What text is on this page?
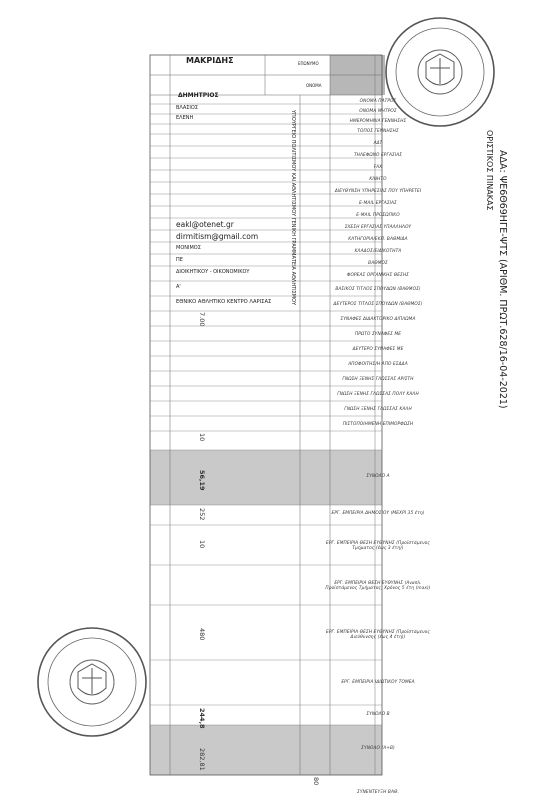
ΕΠΩΝΥΜΟ
ΜΑΚΡΙΔΗΣ
ΟΝΟΜΑ
ΔΗΜΗΤΡΙΟΣ
ΒΛΑΣΙΟΣ
ΕΛΕΝΗ
eakl@otenet.gr
dirmitism@gmail.com
ΜΟΝΙΜΟΣ
ΠΕ
ΔΙΟΙΚΗΤΙΚΟΥ - ΟΙΚΟΝΟΜΙΚΟΥ
Α'
ΕΘΝΙΚΟ ΑΘΛΗΤΙΚΟ ΚΕΝΤΡΟ ΛΑΡΙΣΑΣ
ΟΝΟΜΑ ΠΑΤΡΟΣ
ΟΝΟΜΑ ΜΗΤΡΟΣ
ΗΜΕΡΟΜΗΝΙΑ ΓΕΝΝΗΣΗΣ
ΤΟΠΟΣ ΓΕΝΝΗΣΗΣ
ΑΔΤ
ΤΗΛΕΦΩΝΟ ΕΡΓΑΣΙΑΣ
FAX
ΚΙΝΗΤΟ
ΔΙΕΥΘΥΝΣΗ ΥΠΗΡΕΣΙΑΣ ΠΟΥ ΥΠΗΡΕΤΕΙ
E-MAIL ΕΡΓΑΣΙΑΣ
E-MAIL ΠΡΟΣΩΠΙΚΟ
ΣΧΕΣΗ ΕΡΓΑΣΙΑΣ ΥΠΑΛΛΗΛΟΥ
ΚΑΤΗΓΟΡΙΑ/ΕΚΠ. ΒΑΘΜΙΔΑ
ΚΛΑΔΟΣ/ΕΙΔΙΚΟΤΗΤΑ
ΒΑΘΜΟΣ
ΦΟΡΕΑΣ ΟΡΓΑΝΙΚΗΣ ΘΕΣΗΣ
ΒΑΣΙΚΟΣ ΤΙΤΛΟΣ ΣΠΟΥΔΩΝ (ΒΑΘΜΟΣ)
ΔΕΥΤΕΡΟΣ ΤΙΤΛΟΣ ΣΠΟΥΔΩΝ (ΒΑΘΜΟΣ)
ΣΥΝΑΦΕΣ ΔΙΔΑΚΤΟΡΙΚΟ ΔΙΠΛΩΜΑ
ΠΡΩΤΟ ΣΥΝΑΦΕΣ ΜΕ
ΔΕΥΤΕΡΟ ΣΥΝΑΦΕΣ ΜΕ
ΑΠΟΦΟΙΤΗΣ/Η ΑΠΟ ΕΣΔΔΑ
ΓΝΩΣΗ ΞΕΝΗΣ ΓΛΩΣΣΑΣ ΑΡΙΣΤΗ
ΓΝΩΣΗ ΞΕΝΗΣ ΓΛΩΣΣΑΣ ΠΟΛΥ ΚΑΛΗ
ΓΝΩΣΗ ΞΕΝΗΣ ΓΛΩΣΣΑΣ ΚΑΛΗ
ΠΙΣΤΟΠΟΙΗΜΕΝΗ ΕΠΙΜΟΡΦΩΣΗ
ΣΥΝΟΛΟ Α
10
56,19
7.00
ΕΡΓ. ΕΜΠΕΙΡΙΑ ΔΗΜΟΣΙΟΥ (ΜΕΧΡΙ 35 έτη)
ΕΡΓ. ΕΜΠΕΙΡΙΑ ΘΕΣΗ ΕΥΘΥΝΗΣ (Προϊστάμενος Τμήματος (έως 3 έτη))
ΕΡΓ. ΕΜΠΕΙΡΙΑ ΘΕΣΗ ΕΥΘΥΝΗΣ (Αναπλ. Προϊστάμενος Τμήματος, Χρόνος 5 έτη (max))
ΕΡΓ. ΕΜΠΕΙΡΙΑ ΘΕΣΗ ΕΥΘΥΝΗΣ (Προϊστάμενος Διεύθυνσης (έως 4 έτη))
ΕΡΓ. ΕΜΠΕΙΡΙΑ ΙΔΙΩΤΙΚΟΥ ΤΟΜΕΑ
252
10
480
ΣΥΝΟΛΟ Β
244,8
ΣΥΝΟΛΟ (Α+Β)
282,81
ΣΥΝΕΝΤΕΥΞΗ ΒΑΘ.
80
ΥΠΟΥΡΓΕΙΟ ΠΟΛΙΤΙΣΜΟΥ ΚΑΙ ΑΘΛΗΤΙΣΜΟΥ ΓΕΝΙΚΗ ΓΡΑΜΜΑΤΕΙΑ ΑΘΛΗΤΙΣΜΟΥ	ΑΔΑ: ΨΕ6Θ69ΗΓΕ-ΨΤΣ (ΑΡΙΘΜ. ΠΡΩΤ.628/16-04-2021)
ΟΡΙΣΤΙΚΟΣ ΠΙΝΑΚΑΣ
